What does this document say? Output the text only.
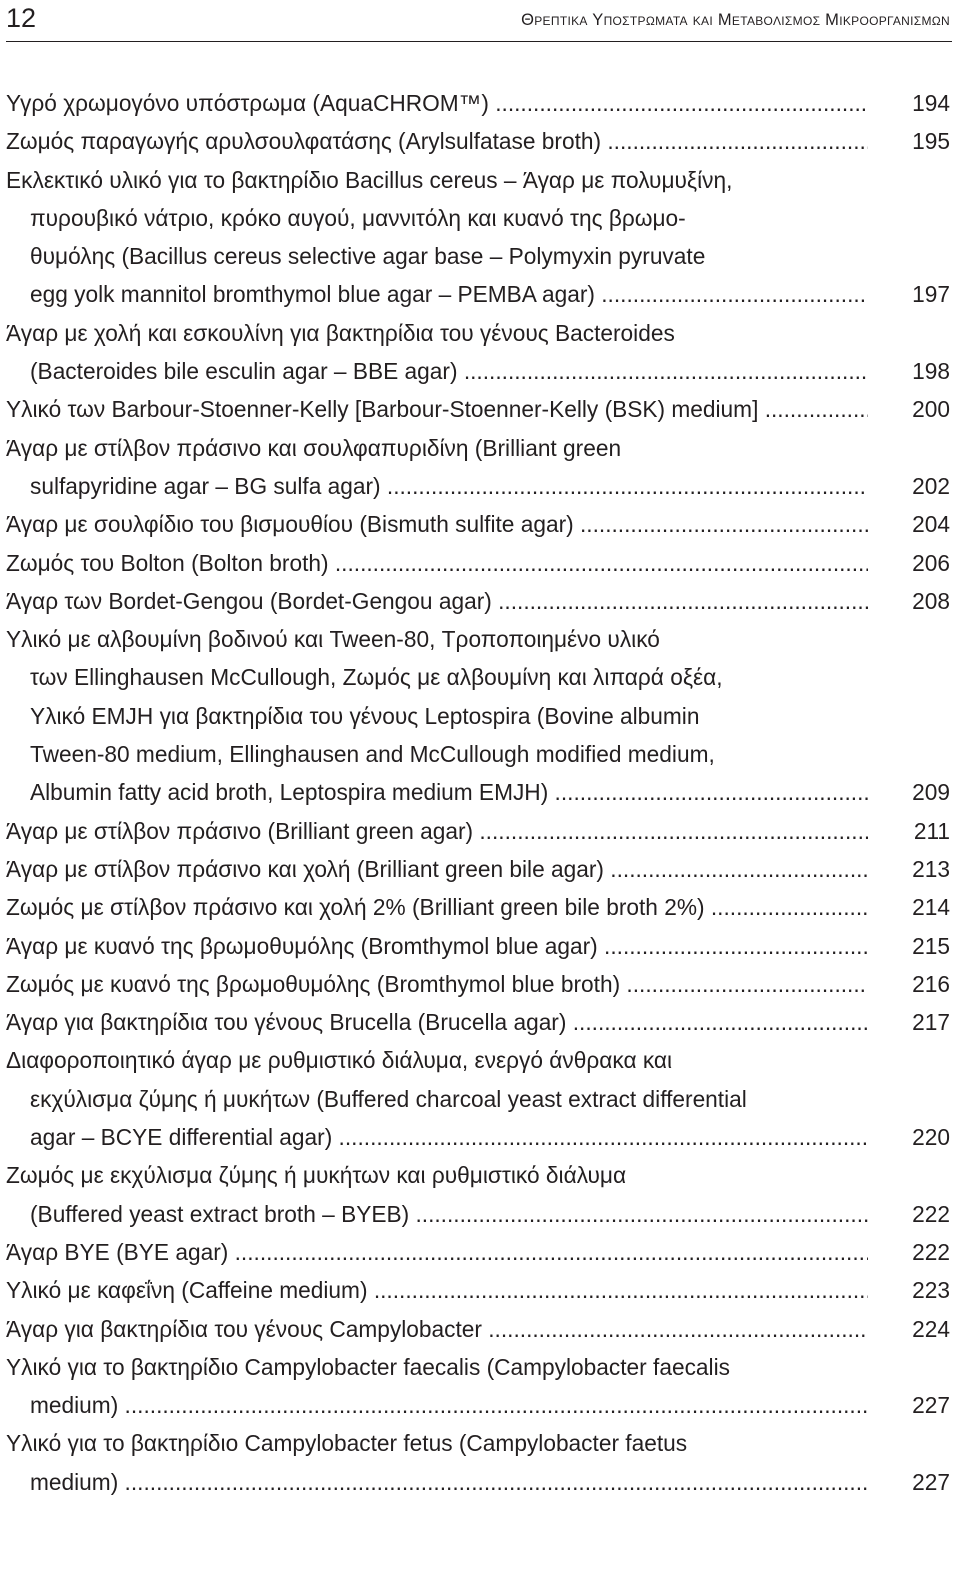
12	Θρεπτικα Υποστρωματα και Μεταβολισμος Μικροοργανισμων
Υγρό χρωμογόνο υπόστρωμα (AquaCHROM™) .....	194
Ζωμός παραγωγής αρυλσουλφατάσης (Arylsulfatase broth) .....	195
Εκλεκτικό υλικό για το βακτηρίδιο Bacillus cereus – Άγαρ με πολυμυξίνη,
πυρουβικό νάτριο, κρόκο αυγού, μαννιτόλη και κυανό της βρωμο-
θυμόλης (Bacillus cereus selective agar base – Polymyxin pyruvate
egg yolk mannitol bromthymol blue agar – PEMBA agar) .....	197
Άγαρ με χολή και εσκουλίνη για βακτηρίδια του γένους Bacteroides
(Bacteroides bile esculin agar – BBE agar) .....	198
Υλικό των Barbour-Stoenner-Kelly [Barbour-Stoenner-Kelly (BSK) medium] .....	200
Άγαρ με στίλβον πράσινο και σουλφαπυριδίνη (Brilliant green
sulfapyridine agar – BG sulfa agar) .....	202
Άγαρ με σουλφίδιο του βισμουθίου (Bismuth sulfite agar) .....	204
Ζωμός του Bolton (Bolton broth) .....	206
Άγαρ των Bordet-Gengou (Bordet-Gengou agar) .....	208
Υλικό με αλβουμίνη βοδινού και Tween-80, Τροποποιημένο υλικό
των Ellinghausen McCullough, Ζωμός με αλβουμίνη και λιπαρά οξέα,
Υλικό EMJH για βακτηρίδια του γένους Leptospira (Bovine albumin
Tween-80 medium, Ellinghausen and McCullough modified medium,
Albumin fatty acid broth, Leptospira medium EMJH) .....	209
Άγαρ με στίλβον πράσινο (Brilliant green agar) .....	211
Άγαρ με στίλβον πράσινο και χολή (Brilliant green bile agar) .....	213
Ζωμός με στίλβον πράσινο και χολή 2% (Brilliant green bile broth 2%) .....	214
Άγαρ με κυανό της βρωμοθυμόλης (Bromthymol blue agar) .....	215
Ζωμός με κυανό της βρωμοθυμόλης (Bromthymol blue broth) .....	216
Άγαρ για βακτηρίδια του γένους Brucella (Brucella agar) .....	217
Διαφοροποιητικό άγαρ με ρυθμιστικό διάλυμα, ενεργό άνθρακα και
εκχύλισμα ζύμης ή μυκήτων (Buffered charcoal yeast extract differential
agar – BCYE differential agar) .....	220
Ζωμός με εκχύλισμα ζύμης ή μυκήτων και ρυθμιστικό διάλυμα
(Buffered yeast extract broth – BYEB) .....	222
Άγαρ BYE (BYE agar) .....	222
Υλικό με καφεΐνη (Caffeine medium) .....	223
Άγαρ για βακτηρίδια του γένους Campylobacter .....	224
Υλικό για το βακτηρίδιο Campylobacter faecalis (Campylobacter faecalis
medium) .....	227
Υλικό για το βακτηρίδιο Campylobacter fetus (Campylobacter faetus
medium) .....	227
